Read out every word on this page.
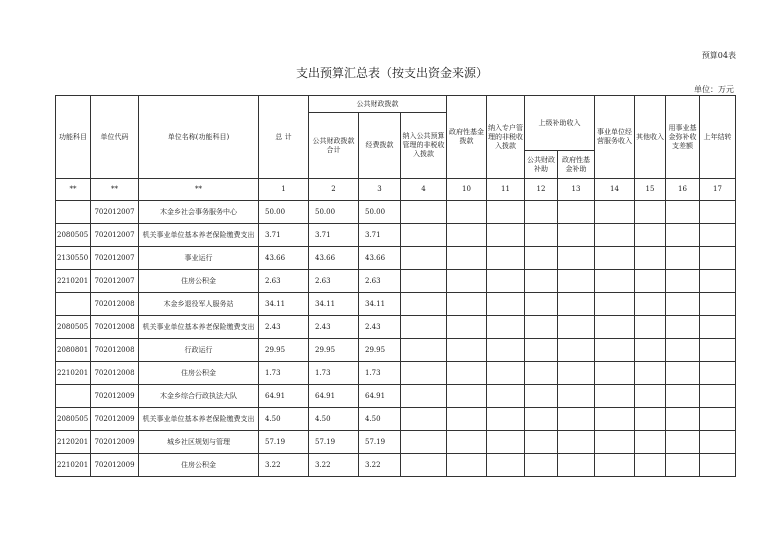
预算04表
支出预算汇总表（按支出资金来源）
单位：万元
功能科目	单位代码	单位名称(功能科目)	总 计	公共财政拨款			政府性基金拨款	纳入专户管理的非税收入拨款	上级补助收入		事业单位经营服务收入	其他收入	用事业基金弥补收支差额	上年结转
				公共财政拨款合计	经费拨款	纳入公共预算管理的非税收入拨款								
									公共财政补助	政府性基金补助				
**	**	**	1	2	3	4	10	11	12	13	14	15	16	17
	702012007	木金乡社会事务服务中心	50.00	50.00	50.00									
2080505	702012007	机关事业单位基本养老保险缴费支出	3.71	3.71	3.71									
2130550	702012007	事业运行	43.66	43.66	43.66									
2210201	702012007	住房公积金	2.63	2.63	2.63									
	702012008	木金乡退役军人服务站	34.11	34.11	34.11									
2080505	702012008	机关事业单位基本养老保险缴费支出	2.43	2.43	2.43									
2080801	702012008	行政运行	29.95	29.95	29.95									
2210201	702012008	住房公积金	1.73	1.73	1.73									
	702012009	木金乡综合行政执法大队	64.91	64.91	64.91									
2080505	702012009	机关事业单位基本养老保险缴费支出	4.50	4.50	4.50									
2120201	702012009	城乡社区规划与管理	57.19	57.19	57.19									
2210201	702012009	住房公积金	3.22	3.22	3.22									
